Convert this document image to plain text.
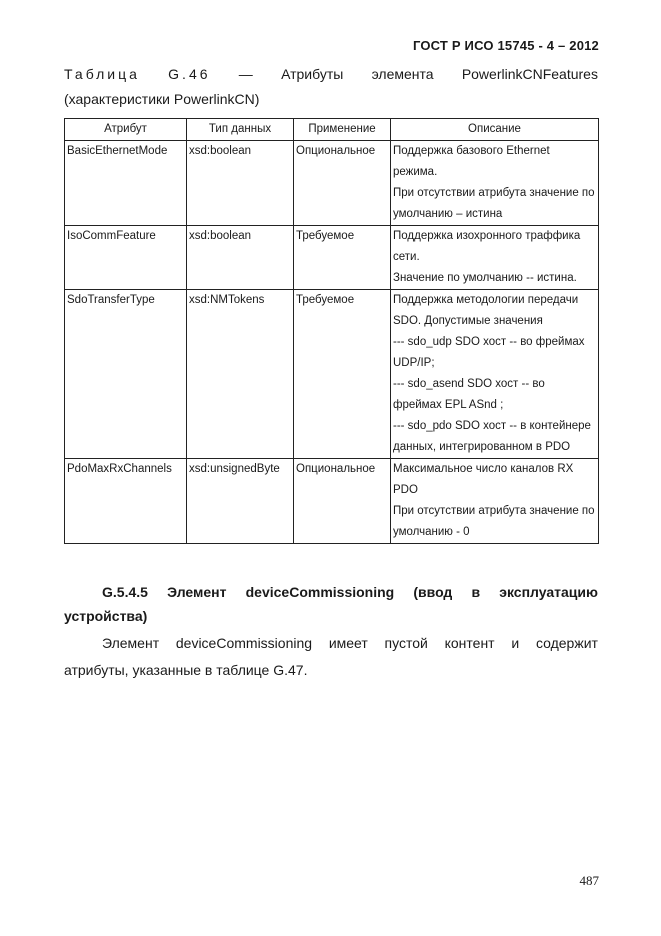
ГОСТ Р ИСО 15745 - 4 – 2012
Таблица G.46 — Атрибуты элемента PowerlinkCNFeatures
(характеристики PowerlinkCN)
Атрибут	Тип данных	Применение	Описание
BasicEthernetMode	xsd:boolean	Опциональное	Поддержка базового Ethernet режима.
При отсутствии атрибута значение по умолчанию – истина

IsoCommFeature	xsd:boolean	Требуемое	Поддержка изохронного траффика сети.
Значение по умолчанию -- истина.

SdoTransferType	xsd:NMTokens	Требуемое	Поддержка методологии передачи SDO. Допустимые значения
--- sdo_udp SDO хост -- во фреймах UDP/IP;
--- sdo_asend SDO хост -- во фреймах EPL ASnd ;
--- sdo_pdo SDO хост -- в контейнере данных, интегрированном в PDO

PdoMaxRxChannels	xsd:unsignedByte	Опциональное	Максимальное число каналов RX PDO
При отсутствии атрибута значение по умолчанию - 0
G.5.4.5 Элемент deviceCommissioning (ввод в эксплуатацию
устройства)
Элемент deviceCommissioning имеет пустой контент и содержит
атрибуты, указанные в таблице G.47.
487
